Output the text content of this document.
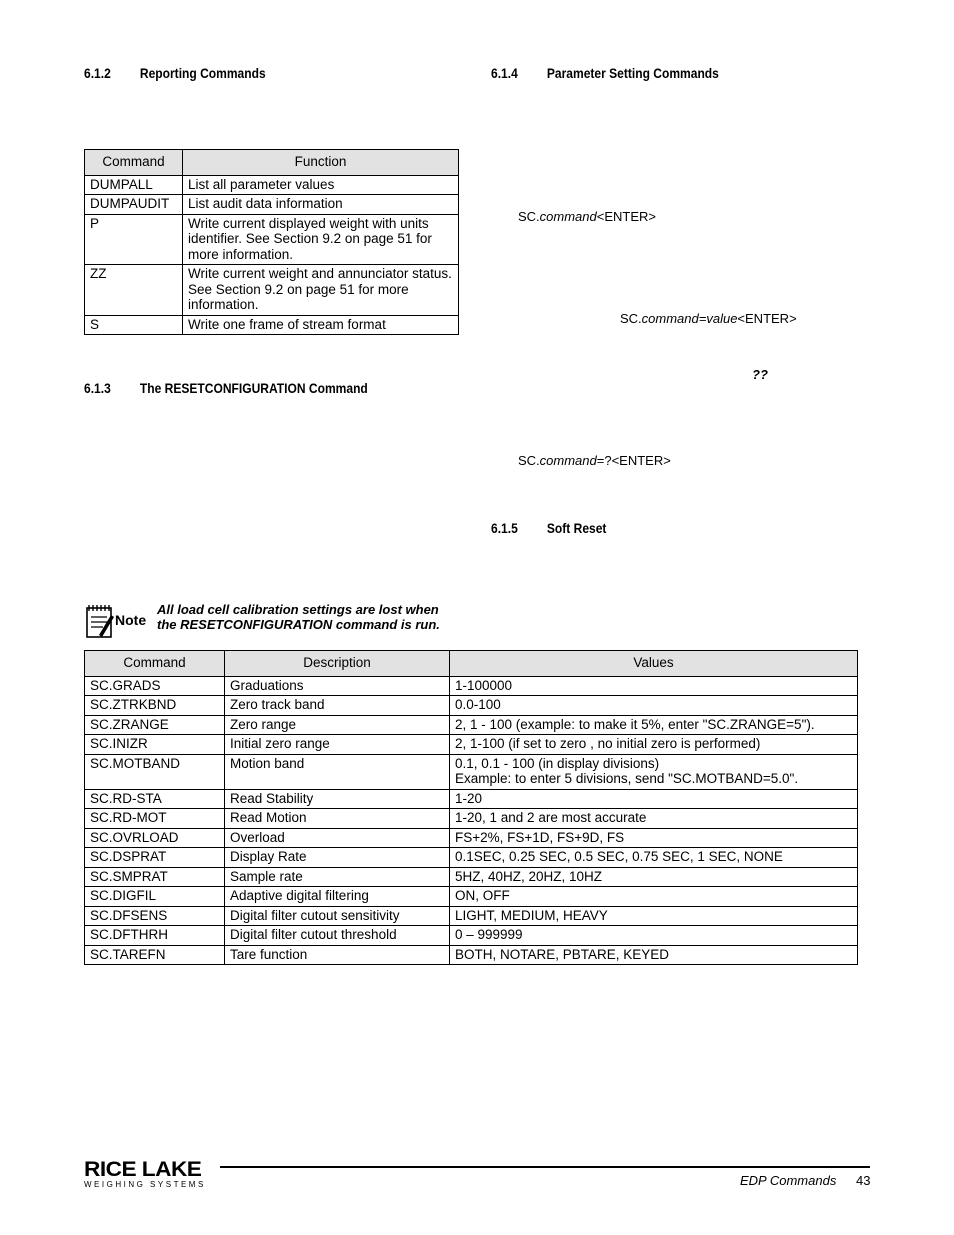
6.1.2 Reporting Commands	6.1.4 Parameter Setting Commands
6.1.3 The RESETCONFIGURATION Command
6.1.5 Soft Reset
Command	Function
DUMPALL	List all parameter values
DUMPAUDIT	List audit data information
P	Write current displayed weight with units identifier. See Section 9.2 on page 51 for more information.
ZZ	Write current weight and annunciator status. See Section 9.2 on page 51 for more information.
S	Write one frame of stream format
SC.command<ENTER>
SC.command=value<ENTER>
??
SC.command=?<ENTER>
Note
All load cell calibration settings are lost when
the RESETCONFIGURATION command is run.
Command	Description	Values
SC.GRADS	Graduations	1-100000
SC.ZTRKBND	Zero track band	0.0-100
SC.ZRANGE	Zero range	2, 1 - 100 (example: to make it 5%, enter "SC.ZRANGE=5").
SC.INIZR	Initial zero range	2, 1-100 (if set to zero , no initial zero is performed)
SC.MOTBAND	Motion band	0.1, 0.1 - 100 (in display divisions)
Example: to enter 5 divisions, send "SC.MOTBAND=5.0".
SC.RD-STA	Read Stability	1-20
SC.RD-MOT	Read Motion	1-20, 1 and 2 are most accurate
SC.OVRLOAD	Overload	FS+2%, FS+1D, FS+9D, FS
SC.DSPRAT	Display Rate	0.1SEC, 0.25 SEC, 0.5 SEC, 0.75 SEC, 1 SEC, NONE
SC.SMPRAT	Sample rate	5HZ, 40HZ, 20HZ, 10HZ
SC.DIGFIL	Adaptive digital filtering	ON, OFF
SC.DFSENS	Digital filter cutout sensitivity	LIGHT, MEDIUM, HEAVY
SC.DFTHRH	Digital filter cutout threshold	0 – 999999
SC.TAREFN	Tare function	BOTH, NOTARE, PBTARE, KEYED
RICE LAKE
WEIGHING SYSTEMS	EDP Commands 43
